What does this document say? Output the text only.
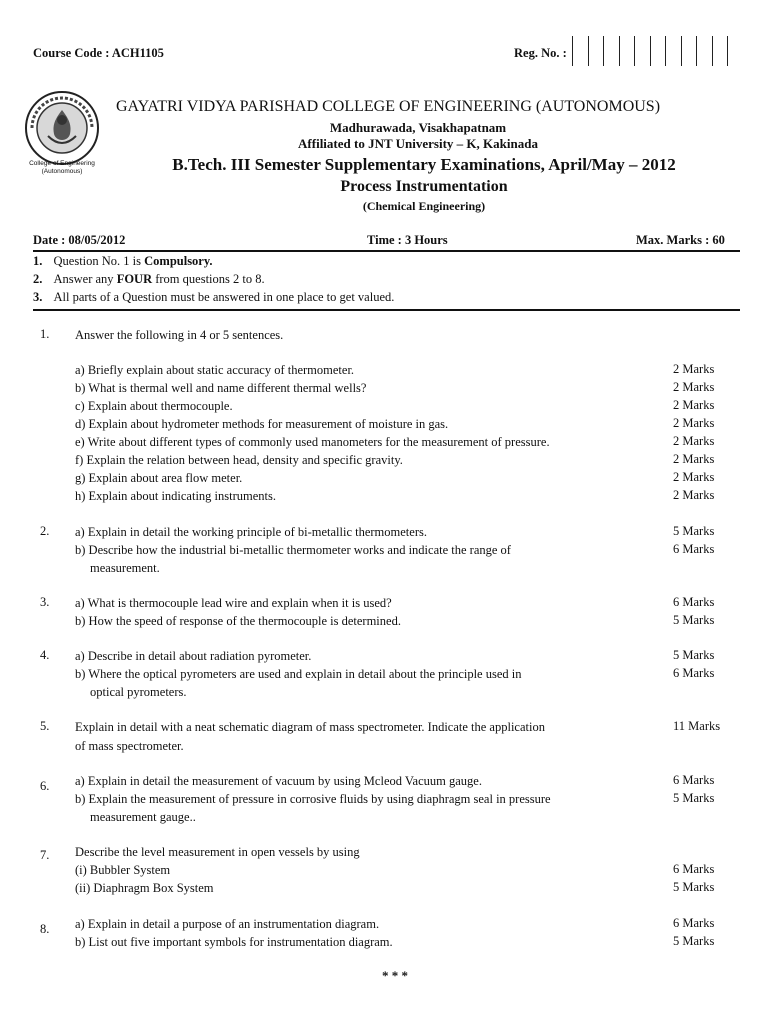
Course Code : ACH1105	Reg. No. :
College of Engineering
(Autonomous)
GAYATRI VIDYA PARISHAD COLLEGE OF ENGINEERING (AUTONOMOUS)
Madhurawada, Visakhapatnam
Affiliated to JNT University – K, Kakinada
B.Tech. III Semester Supplementary Examinations, April/May – 2012
Process Instrumentation
(Chemical Engineering)
Date : 08/05/2012	Time : 3 Hours	Max. Marks : 60
1. Question No. 1 is Compulsory.
2. Answer any FOUR from questions 2 to 8.
3. All parts of a Question must be answered in one place to get valued.
1. Answer the following in 4 or 5 sentences.
a) Briefly explain about static accuracy of thermometer.	2 Marks
b) What is thermal well and name different thermal wells?	2 Marks
c) Explain about thermocouple.	2 Marks
d) Explain about hydrometer methods for measurement of moisture in gas.	2 Marks
e) Write about different types of commonly used manometers for the measurement of pressure.	2 Marks
f) Explain the relation between head, density and specific gravity.	2 Marks
g) Explain about area flow meter.	2 Marks
h) Explain about indicating instruments.	2 Marks
2. a) Explain in detail the working principle of bi-metallic thermometers.	5 Marks
b) Describe how the industrial bi-metallic thermometer works and indicate the range of	6 Marks
measurement.
3. a) What is thermocouple lead wire and explain when it is used?	6 Marks
b) How the speed of response of the thermocouple is determined.	5 Marks
4. a) Describe in detail about radiation pyrometer.	5 Marks
b) Where the optical pyrometers are used and explain in detail about the principle used in	6 Marks
optical pyrometers.
5. Explain in detail with a neat schematic diagram of mass spectrometer. Indicate the application	11 Marks
of mass spectrometer.
6. a) Explain in detail the measurement of vacuum by using Mcleod Vacuum gauge.	6 Marks
b) Explain the measurement of pressure in corrosive fluids by using diaphragm seal in pressure	5 Marks
measurement gauge..
7. Describe the level measurement in open vessels by using
(i) Bubbler System	6 Marks
(ii) Diaphragm Box System	5 Marks
8. a) Explain in detail a purpose of an instrumentation diagram.	6 Marks
b) List out five important symbols for instrumentation diagram.	5 Marks
* * *
